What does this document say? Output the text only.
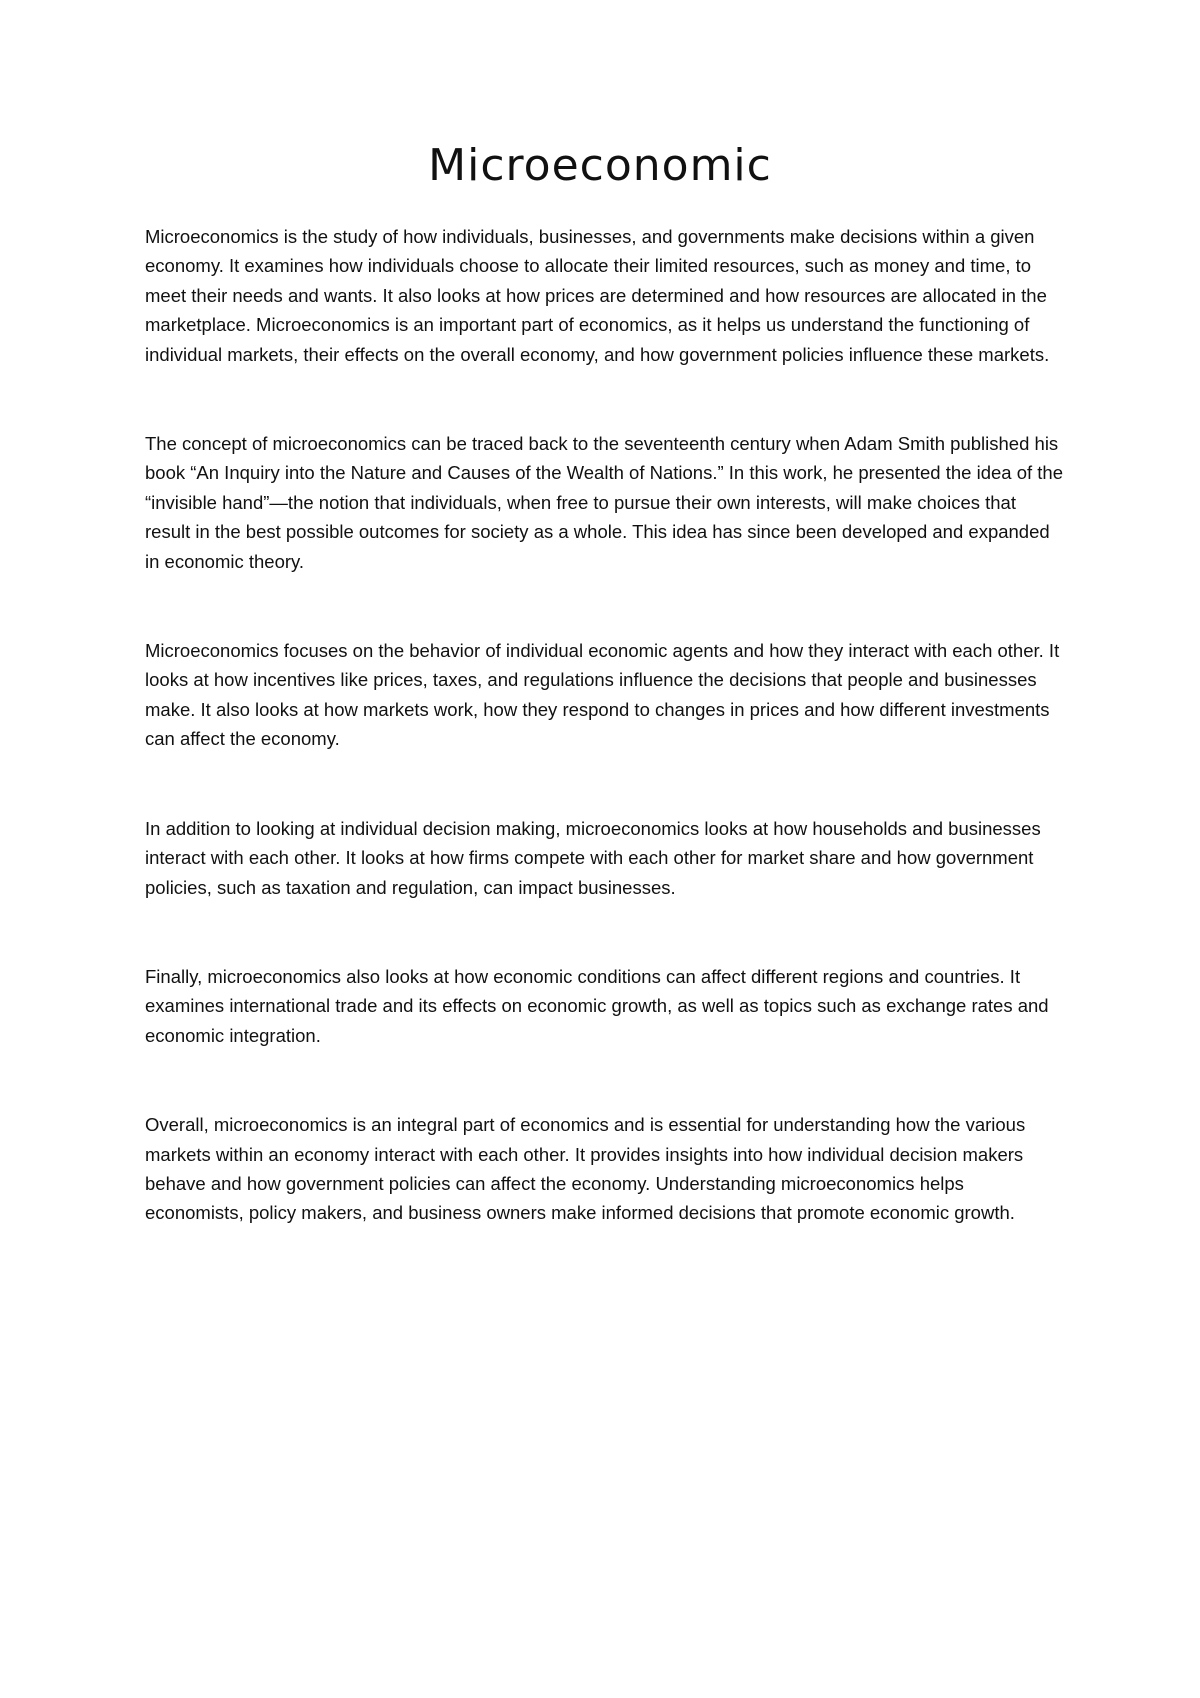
Microeconomic

Microeconomics is the study of how individuals, businesses, and governments make decisions within a given economy. It examines how individuals choose to allocate their limited resources, such as money and time, to meet their needs and wants. It also looks at how prices are determined and how resources are allocated in the marketplace. Microeconomics is an important part of economics, as it helps us understand the functioning of individual markets, their effects on the overall economy, and how government policies influence these markets.

The concept of microeconomics can be traced back to the seventeenth century when Adam Smith published his book “An Inquiry into the Nature and Causes of the Wealth of Nations.” In this work, he presented the idea of the “invisible hand”—the notion that individuals, when free to pursue their own interests, will make choices that result in the best possible outcomes for society as a whole. This idea has since been developed and expanded in economic theory.

Microeconomics focuses on the behavior of individual economic agents and how they interact with each other. It looks at how incentives like prices, taxes, and regulations influence the decisions that people and businesses make. It also looks at how markets work, how they respond to changes in prices and how different investments can affect the economy.

In addition to looking at individual decision making, microeconomics looks at how households and businesses interact with each other. It looks at how firms compete with each other for market share and how government policies, such as taxation and regulation, can impact businesses.

Finally, microeconomics also looks at how economic conditions can affect different regions and countries. It examines international trade and its effects on economic growth, as well as topics such as exchange rates and economic integration.

Overall, microeconomics is an integral part of economics and is essential for understanding how the various markets within an economy interact with each other. It provides insights into how individual decision makers behave and how government policies can affect the economy. Understanding microeconomics helps economists, policy makers, and business owners make informed decisions that promote economic growth.
